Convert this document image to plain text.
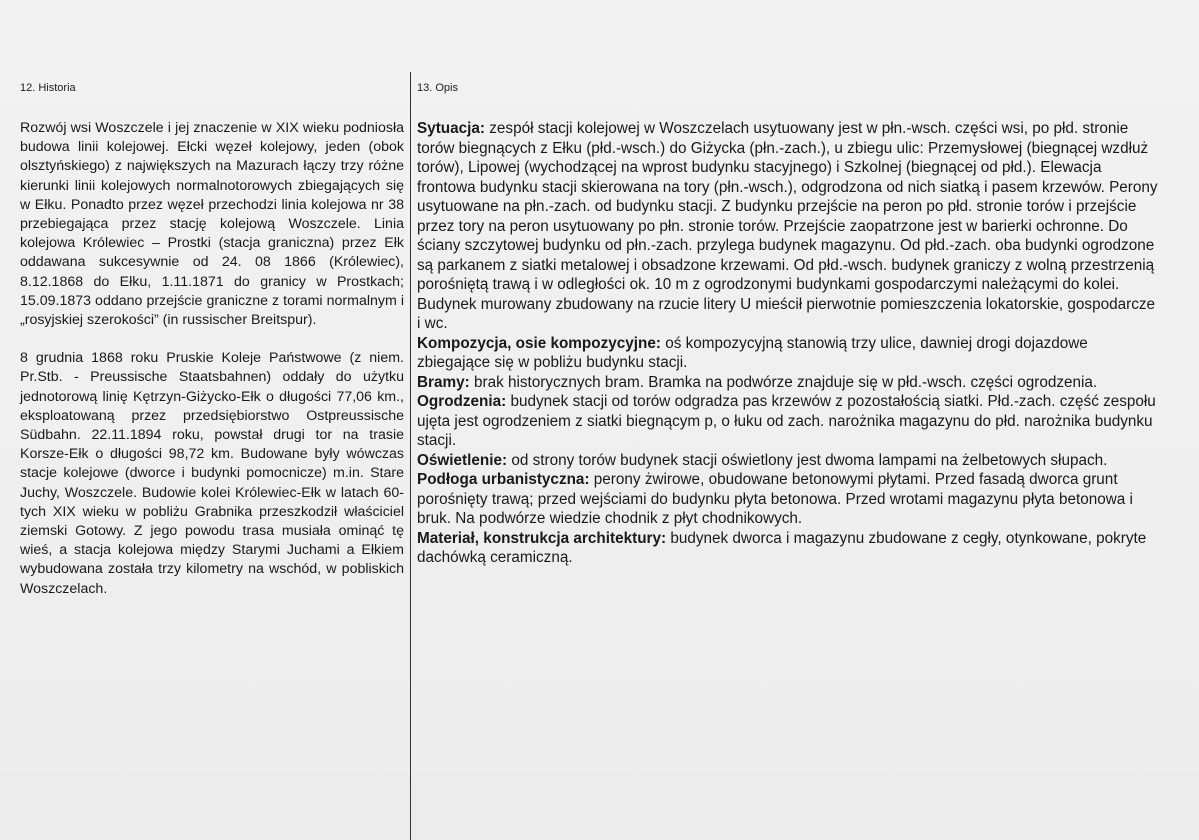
12. Historia	13. Opis

Rozwój wsi Woszczele i jej znaczenie w XIX wieku podniosła budowa linii kolejowej. Ełcki węzeł kolejowy, jeden (obok olsztyńskiego) z największych na Mazurach łączy trzy różne kierunki linii kolejowych normalnotorowych zbiegających się w Ełku. Ponadto przez węzeł przechodzi linia kolejowa nr 38 przebiegająca przez stację kolejową Woszczele. Linia kolejowa Królewiec – Prostki (stacja graniczna) przez Ełk oddawana sukcesywnie od 24. 08 1866 (Królewiec), 8.12.1868 do Ełku, 1.11.1871 do granicy w Prostkach; 15.09.1873 oddano przejście graniczne z torami normalnym i „rosyjskiej szerokości” (in russischer Breitspur).

8 grudnia 1868 roku Pruskie Koleje Państwowe (z niem. Pr.Stb. - Preussische Staatsbahnen) oddały do użytku jednotorową linię Kętrzyn-Giżycko-Ełk o długości 77,06 km., eksploatowaną przez przedsiębiorstwo Ostpreussische Südbahn. 22.11.1894 roku, powstał drugi tor na trasie Korsze-Ełk o długości 98,72 km. Budowane były wówczas stacje kolejowe (dworce i budynki pomocnicze) m.in. Stare Juchy, Woszczele. Budowie kolei Królewiec-Ełk w latach 60-tych XIX wieku w pobliżu Grabnika przeszkodził właściciel ziemski Gotowy. Z jego powodu trasa musiała ominąć tę wieś, a stacja kolejowa między Starymi Juchami a Ełkiem wybudowana została trzy kilometry na wschód, w pobliskich Woszczelach.

Sytuacja: zespół stacji kolejowej w Woszczelach usytuowany jest w płn.-wsch. części wsi, po płd. stronie torów biegnących z Ełku (płd.-wsch.) do Giżycka (płn.-zach.), u zbiegu ulic: Przemysłowej (biegnącej wzdłuż torów), Lipowej (wychodzącej na wprost budynku stacyjnego) i Szkolnej (biegnącej od płd.). Elewacja frontowa budynku stacji skierowana na tory (płn.-wsch.), odgrodzona od nich siatką i pasem krzewów. Perony usytuowane na płn.-zach. od budynku stacji. Z budynku przejście na peron po płd. stronie torów i przejście przez tory na peron usytuowany po płn. stronie torów. Przejście zaopatrzone jest w barierki ochronne. Do ściany szczytowej budynku od płn.-zach. przylega budynek magazynu. Od płd.-zach. oba budynki ogrodzone są parkanem z siatki metalowej i obsadzone krzewami. Od płd.-wsch. budynek graniczy z wolną przestrzenią porośniętą trawą i w odległości ok. 10 m z ogrodzonymi budynkami gospodarczymi należącymi do kolei. Budynek murowany zbudowany na rzucie litery U mieścił pierwotnie pomieszczenia lokatorskie, gospodarcze i wc.

Kompozycja, osie kompozycyjne: oś kompozycyjną stanowią trzy ulice, dawniej drogi dojazdowe zbiegające się w pobliżu budynku stacji.

Bramy: brak historycznych bram. Bramka na podwórze znajduje się w płd.-wsch. części ogrodzenia.

Ogrodzenia: budynek stacji od torów odgradza pas krzewów z pozostałością siatki. Płd.-zach. część zespołu ujęta jest ogrodzeniem z siatki biegnącym p, o łuku od zach. narożnika magazynu do płd. narożnika budynku stacji.

Oświetlenie: od strony torów budynek stacji oświetlony jest dwoma lampami na żelbetowych słupach.

Podłoga urbanistyczna: perony żwirowe, obudowane betonowymi płytami. Przed fasadą dworca grunt porośnięty trawą; przed wejściami do budynku płyta betonowa. Przed wrotami magazynu płyta betonowa i bruk. Na podwórze wiedzie chodnik z płyt chodnikowych.

Materiał, konstrukcja architektury: budynek dworca i magazynu zbudowane z cegły, otynkowane, pokryte dachówką ceramiczną.
